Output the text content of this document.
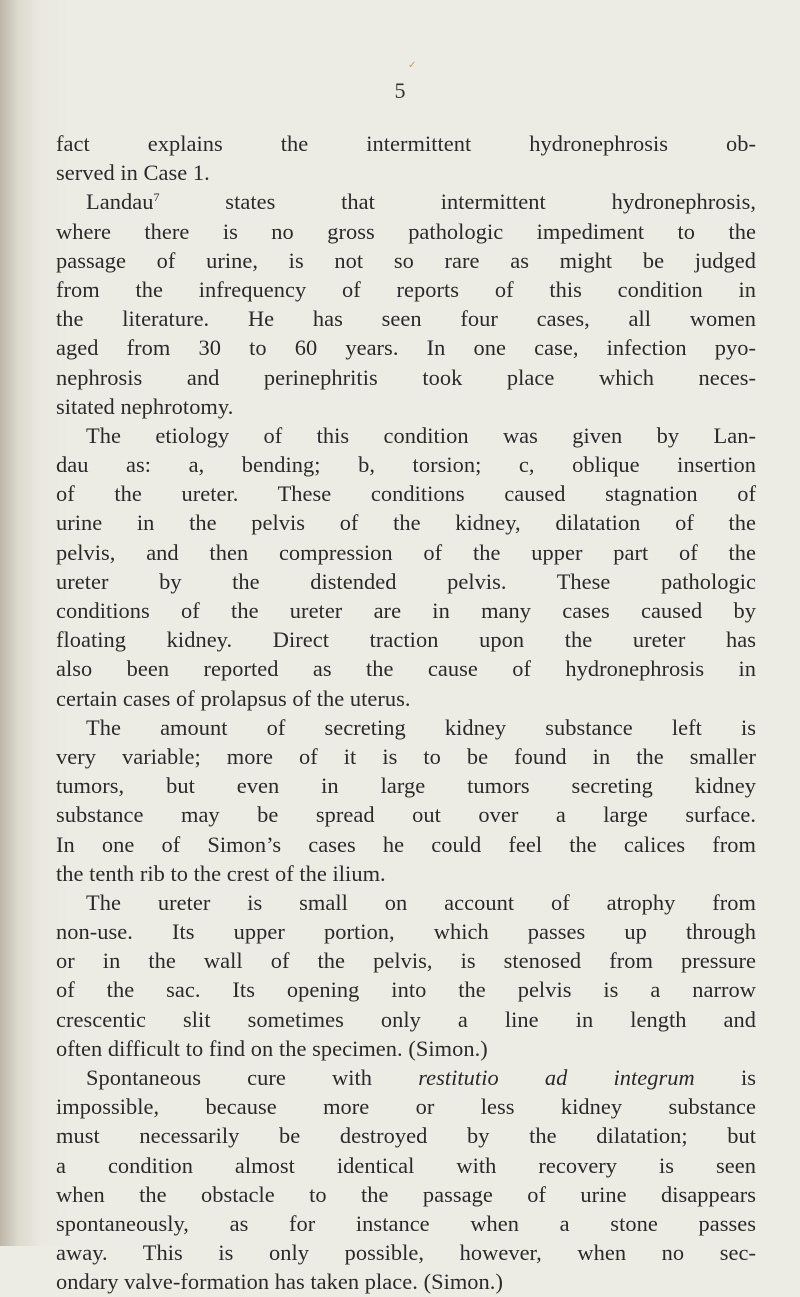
✓
5
fact explains the intermittent hydronephrosis ob-
served in Case 1.
Landau$^7$ states that intermittent hydronephrosis,
where there is no gross pathologic impediment to the
passage of urine, is not so rare as might be judged
from the infrequency of reports of this condition in
the literature. He has seen four cases, all women
aged from 30 to 60 years. In one case, infection pyo-
nephrosis and perinephritis took place which neces-
sitated nephrotomy.
The etiology of this condition was given by Lan-
dau as: a, bending; b, torsion; c, oblique insertion
of the ureter. These conditions caused stagnation of
urine in the pelvis of the kidney, dilatation of the
pelvis, and then compression of the upper part of the
ureter by the distended pelvis. These pathologic
conditions of the ureter are in many cases caused by
floating kidney. Direct traction upon the ureter has
also been reported as the cause of hydronephrosis in
certain cases of prolapsus of the uterus.
The amount of secreting kidney substance left is
very variable; more of it is to be found in the smaller
tumors, but even in large tumors secreting kidney
substance may be spread out over a large surface.
In one of Simon’s cases he could feel the calices from
the tenth rib to the crest of the ilium.
The ureter is small on account of atrophy from
non-use. Its upper portion, which passes up through
or in the wall of the pelvis, is stenosed from pressure
of the sac. Its opening into the pelvis is a narrow
crescentic slit sometimes only a line in length and
often difficult to find on the specimen. (Simon.)
Spontaneous cure with restitutio ad integrum is
impossible, because more or less kidney substance
must necessarily be destroyed by the dilatation; but
a condition almost identical with recovery is seen
when the obstacle to the passage of urine disappears
spontaneously, as for instance when a stone passes
away. This is only possible, however, when no sec-
ondary valve-formation has taken place. (Simon.)
